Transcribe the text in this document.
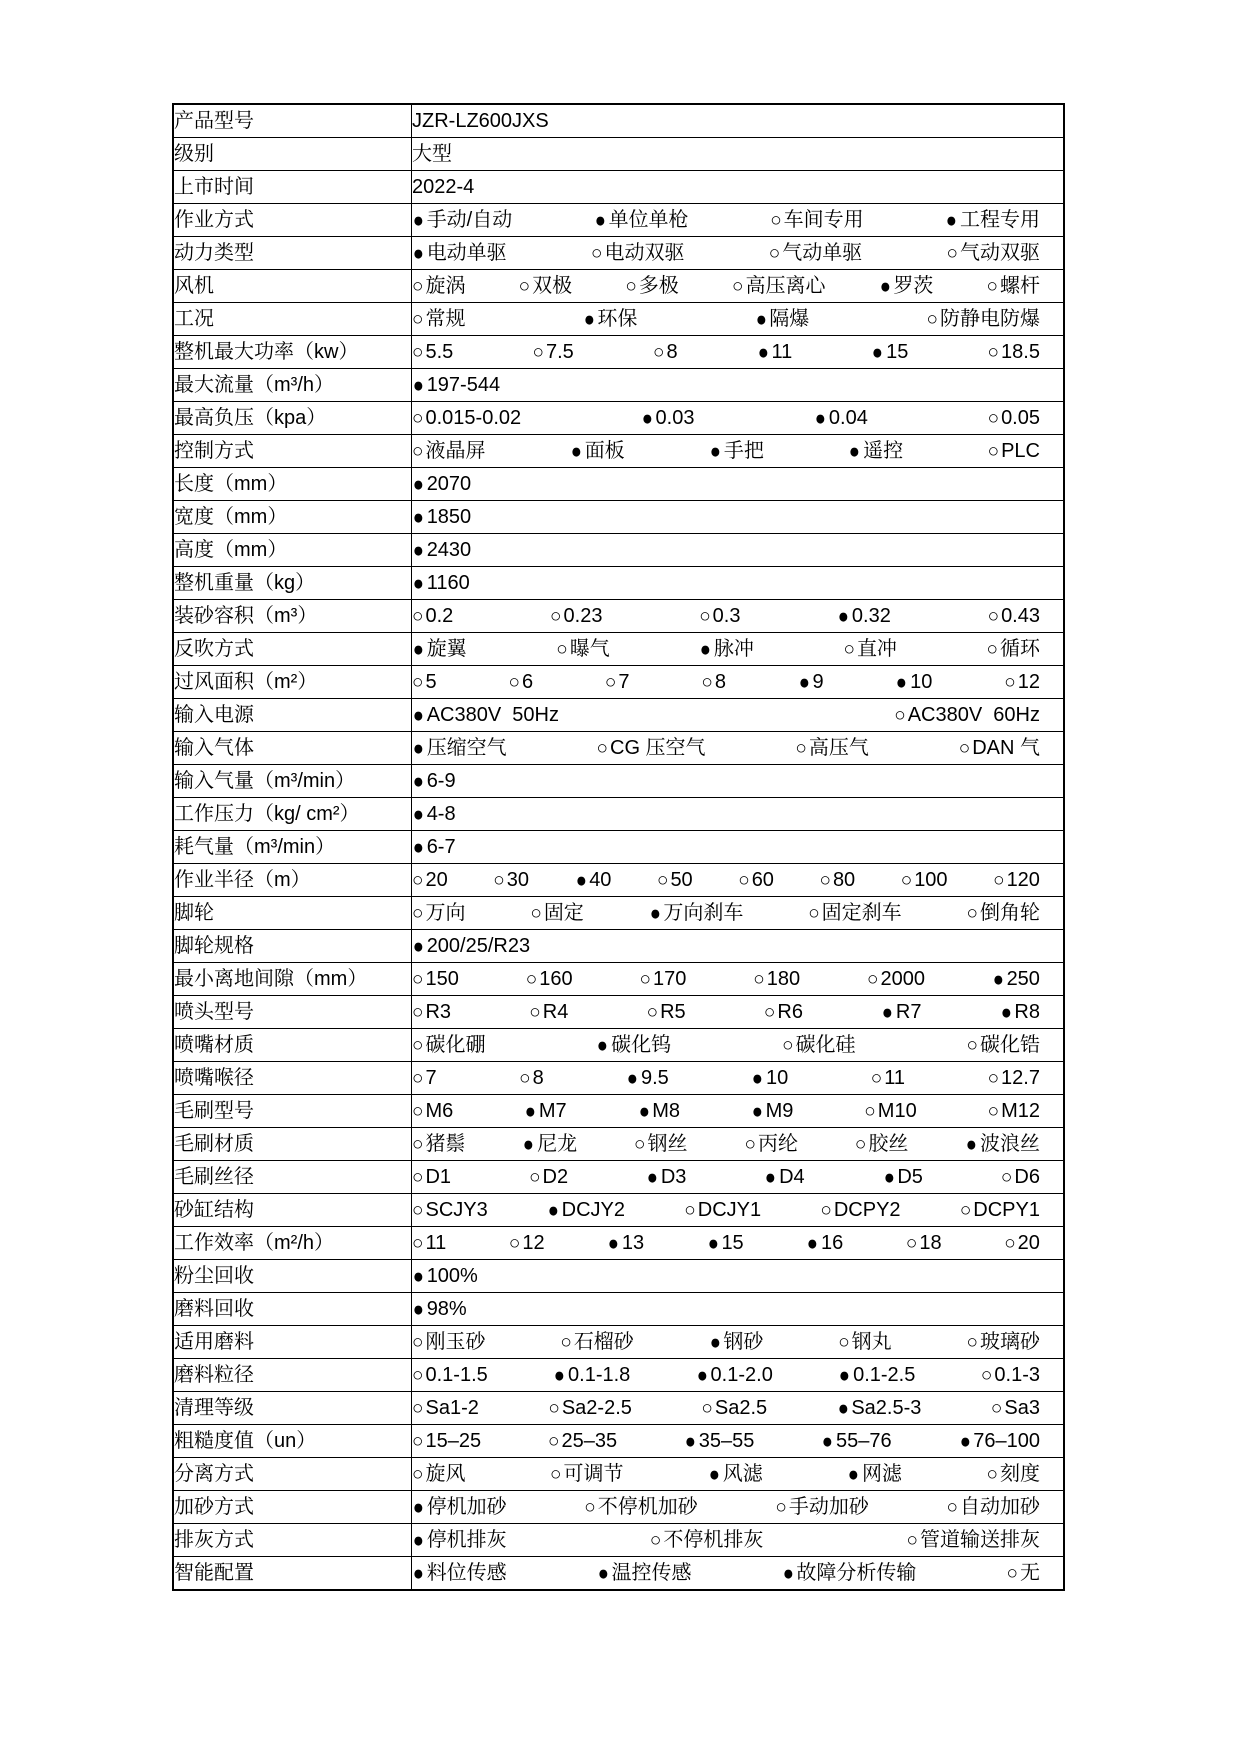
产品型号	JZR-LZ600JXS

级别	大型

上市时间	2022-4

作业方式	● 手动/自动	● 单位单枪	○ 车间专用	● 工程专用

动力类型	● 电动单驱	○ 电动双驱	○ 气动单驱	○ 气动双驱

风机	○ 旋涡	○ 双极	○ 多极	○ 高压离心	● 罗茨	○ 螺杆

工况	○ 常规	● 环保	● 隔爆	○ 防静电防爆

整机最大功率（kw）	○ 5.5	○ 7.5	○ 8	● 11	● 15	○ 18.5

最大流量（m³/h）	● 197-544

最高负压（kpa）	○ 0.015-0.02	● 0.03	● 0.04	○ 0.05

控制方式	○ 液晶屏	● 面板	● 手把	● 遥控	○ PLC

长度（mm）	● 2070

宽度（mm）	● 1850

高度（mm）	● 2430

整机重量（kg）	● 1160

装砂容积（m³）	○ 0.2	○ 0.23	○ 0.3	● 0.32	○ 0.43

反吹方式	● 旋翼	○ 曝气	● 脉冲	○ 直冲	○ 循环

过风面积（m²）	○ 5	○ 6	○ 7	○ 8	● 9	● 10	○ 12

输入电源	● AC380V  50Hz ○ AC380V  60Hz

输入气体	● 压缩空气	○ CG 压空气	○ 高压气	○ DAN 气

输入气量（m³/min）	● 6-9

工作压力（kg/ cm²）	● 4-8

耗气量（m³/min）	● 6-7

作业半径（m）	○ 20 ○ 30 ● 40 ○ 50 ○ 60 ○ 80 ○ 100 ○ 120

脚轮	○ 万向	○ 固定	● 万向刹车	○ 固定刹车	○ 倒角轮

脚轮规格	● 200/25/R23

最小离地间隙（mm）	○ 150	○ 160	○ 170	○ 180	○ 2000	● 250

喷头型号	○ R3	○ R4	○ R5	○ R6	● R7	● R8

喷嘴材质	○ 碳化硼	● 碳化钨	○ 碳化硅	○ 碳化锆

喷嘴喉径	○ 7	○ 8	● 9.5	● 10	○ 11	○ 12.7

毛刷型号	○ M6	● M7	● M8	● M9	○ M10	○ M12

毛刷材质	○ 猪鬃	● 尼龙	○ 钢丝	○ 丙纶	○ 胶丝	● 波浪丝

毛刷丝径	○ D1	○ D2	● D3	● D4	● D5	○ D6

砂缸结构	○ SCJY3	● DCJY2	○ DCJY1	○ DCPY2	○ DCPY1

工作效率（m²/h）	○ 11	○ 12	● 13	● 15	● 16	○ 18	○ 20

粉尘回收	● 100%

磨料回收	● 98%

适用磨料	○ 刚玉砂	○ 石榴砂	● 钢砂	○ 钢丸	○ 玻璃砂

磨料粒径	○ 0.1-1.5	● 0.1-1.8	● 0.1-2.0	● 0.1-2.5	○ 0.1-3

清理等级	○ Sa1-2	○ Sa2-2.5	○ Sa2.5	● Sa2.5-3	○ Sa3

粗糙度值（un）	○ 15–25	○ 25–35	● 35–55	● 55–76	● 76–100

分离方式	○ 旋风	○ 可调节	● 风滤	● 网滤	○ 刻度

加砂方式	● 停机加砂	○ 不停机加砂	○ 手动加砂	○ 自动加砂

排灰方式	● 停机排灰	○ 不停机排灰	○ 管道输送排灰

智能配置	● 料位传感	● 温控传感	● 故障分析传输	○ 无
